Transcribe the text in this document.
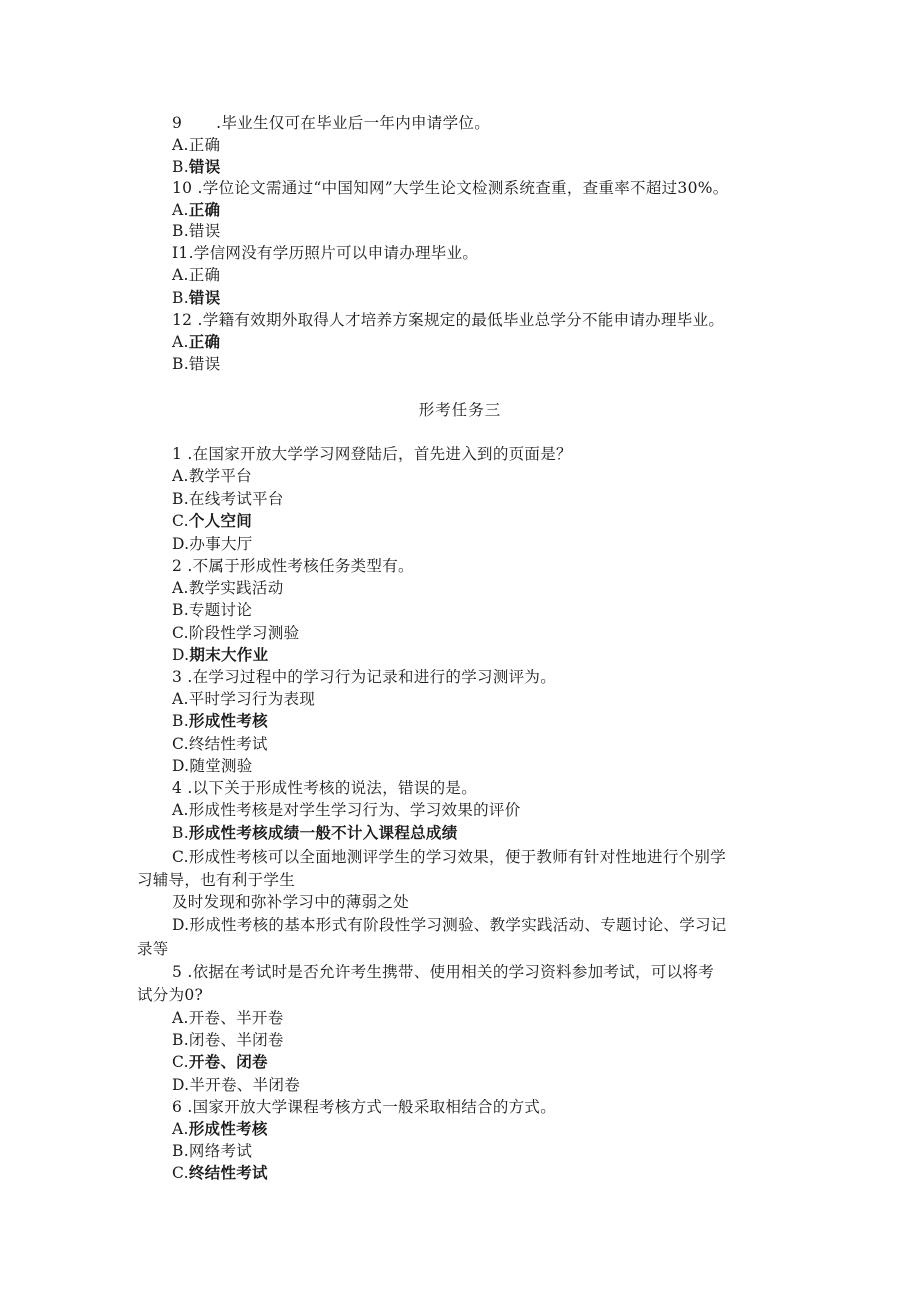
9 .毕业生仅可在毕业后一年内申请学位。
A.正确
B.错误
10 .学位论文需通过“中国知网”大学生论文检测系统查重，查重率不超过30%。
A.正确
B.错误
I1.学信网没有学历照片可以申请办理毕业。
A.正确
B.错误
12 .学籍有效期外取得人才培养方案规定的最低毕业总学分不能申请办理毕业。
A.正确
B.错误
形考任务三
1 .在国家开放大学学习网登陆后，首先进入到的页面是？
A.教学平台
B.在线考试平台
C.个人空间
D.办事大厅
2 .不属于形成性考核任务类型有。
A.教学实践活动
B.专题讨论
C.阶段性学习测验
D.期末大作业
3 .在学习过程中的学习行为记录和进行的学习测评为。
A.平时学习行为表现
B.形成性考核
C.终结性考试
D.随堂测验
4 .以下关于形成性考核的说法，错误的是。
A.形成性考核是对学生学习行为、学习效果的评价
B.形成性考核成绩一般不计入课程总成绩
C.形成性考核可以全面地测评学生的学习效果，便于教师有针对性地进行个别学
习辅导，也有利于学生
及时发现和弥补学习中的薄弱之处
D.形成性考核的基本形式有阶段性学习测验、教学实践活动、专题讨论、学习记
录等
5 .依据在考试时是否允许考生携带、使用相关的学习资料参加考试，可以将考
试分为0?
A.开卷、半开卷
B.闭卷、半闭卷
C.开卷、闭卷
D.半开卷、半闭卷
6 .国家开放大学课程考核方式一般采取相结合的方式。
A.形成性考核
B.网络考试
C.终结性考试
